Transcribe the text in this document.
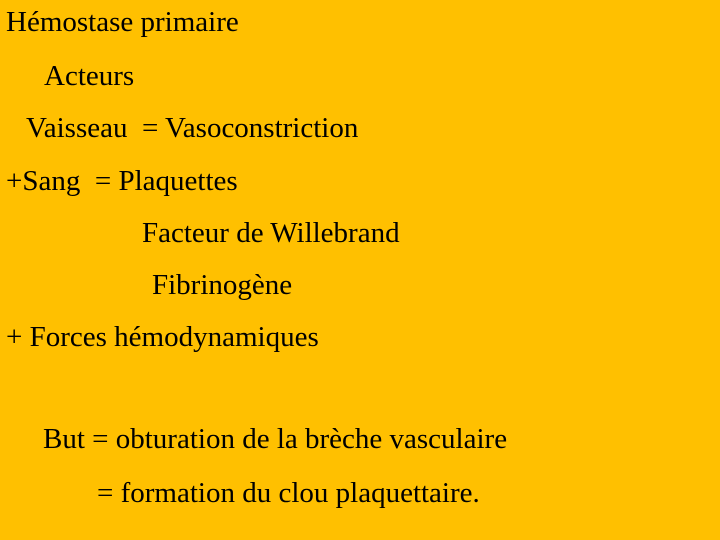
Hémostase primaire
Acteurs
Vaisseau  = Vasoconstriction
+Sang  = Plaquettes
Facteur de Willebrand
Fibrinogène
+ Forces hémodynamiques
But = obturation de la brèche vasculaire
= formation du clou plaquettaire.
